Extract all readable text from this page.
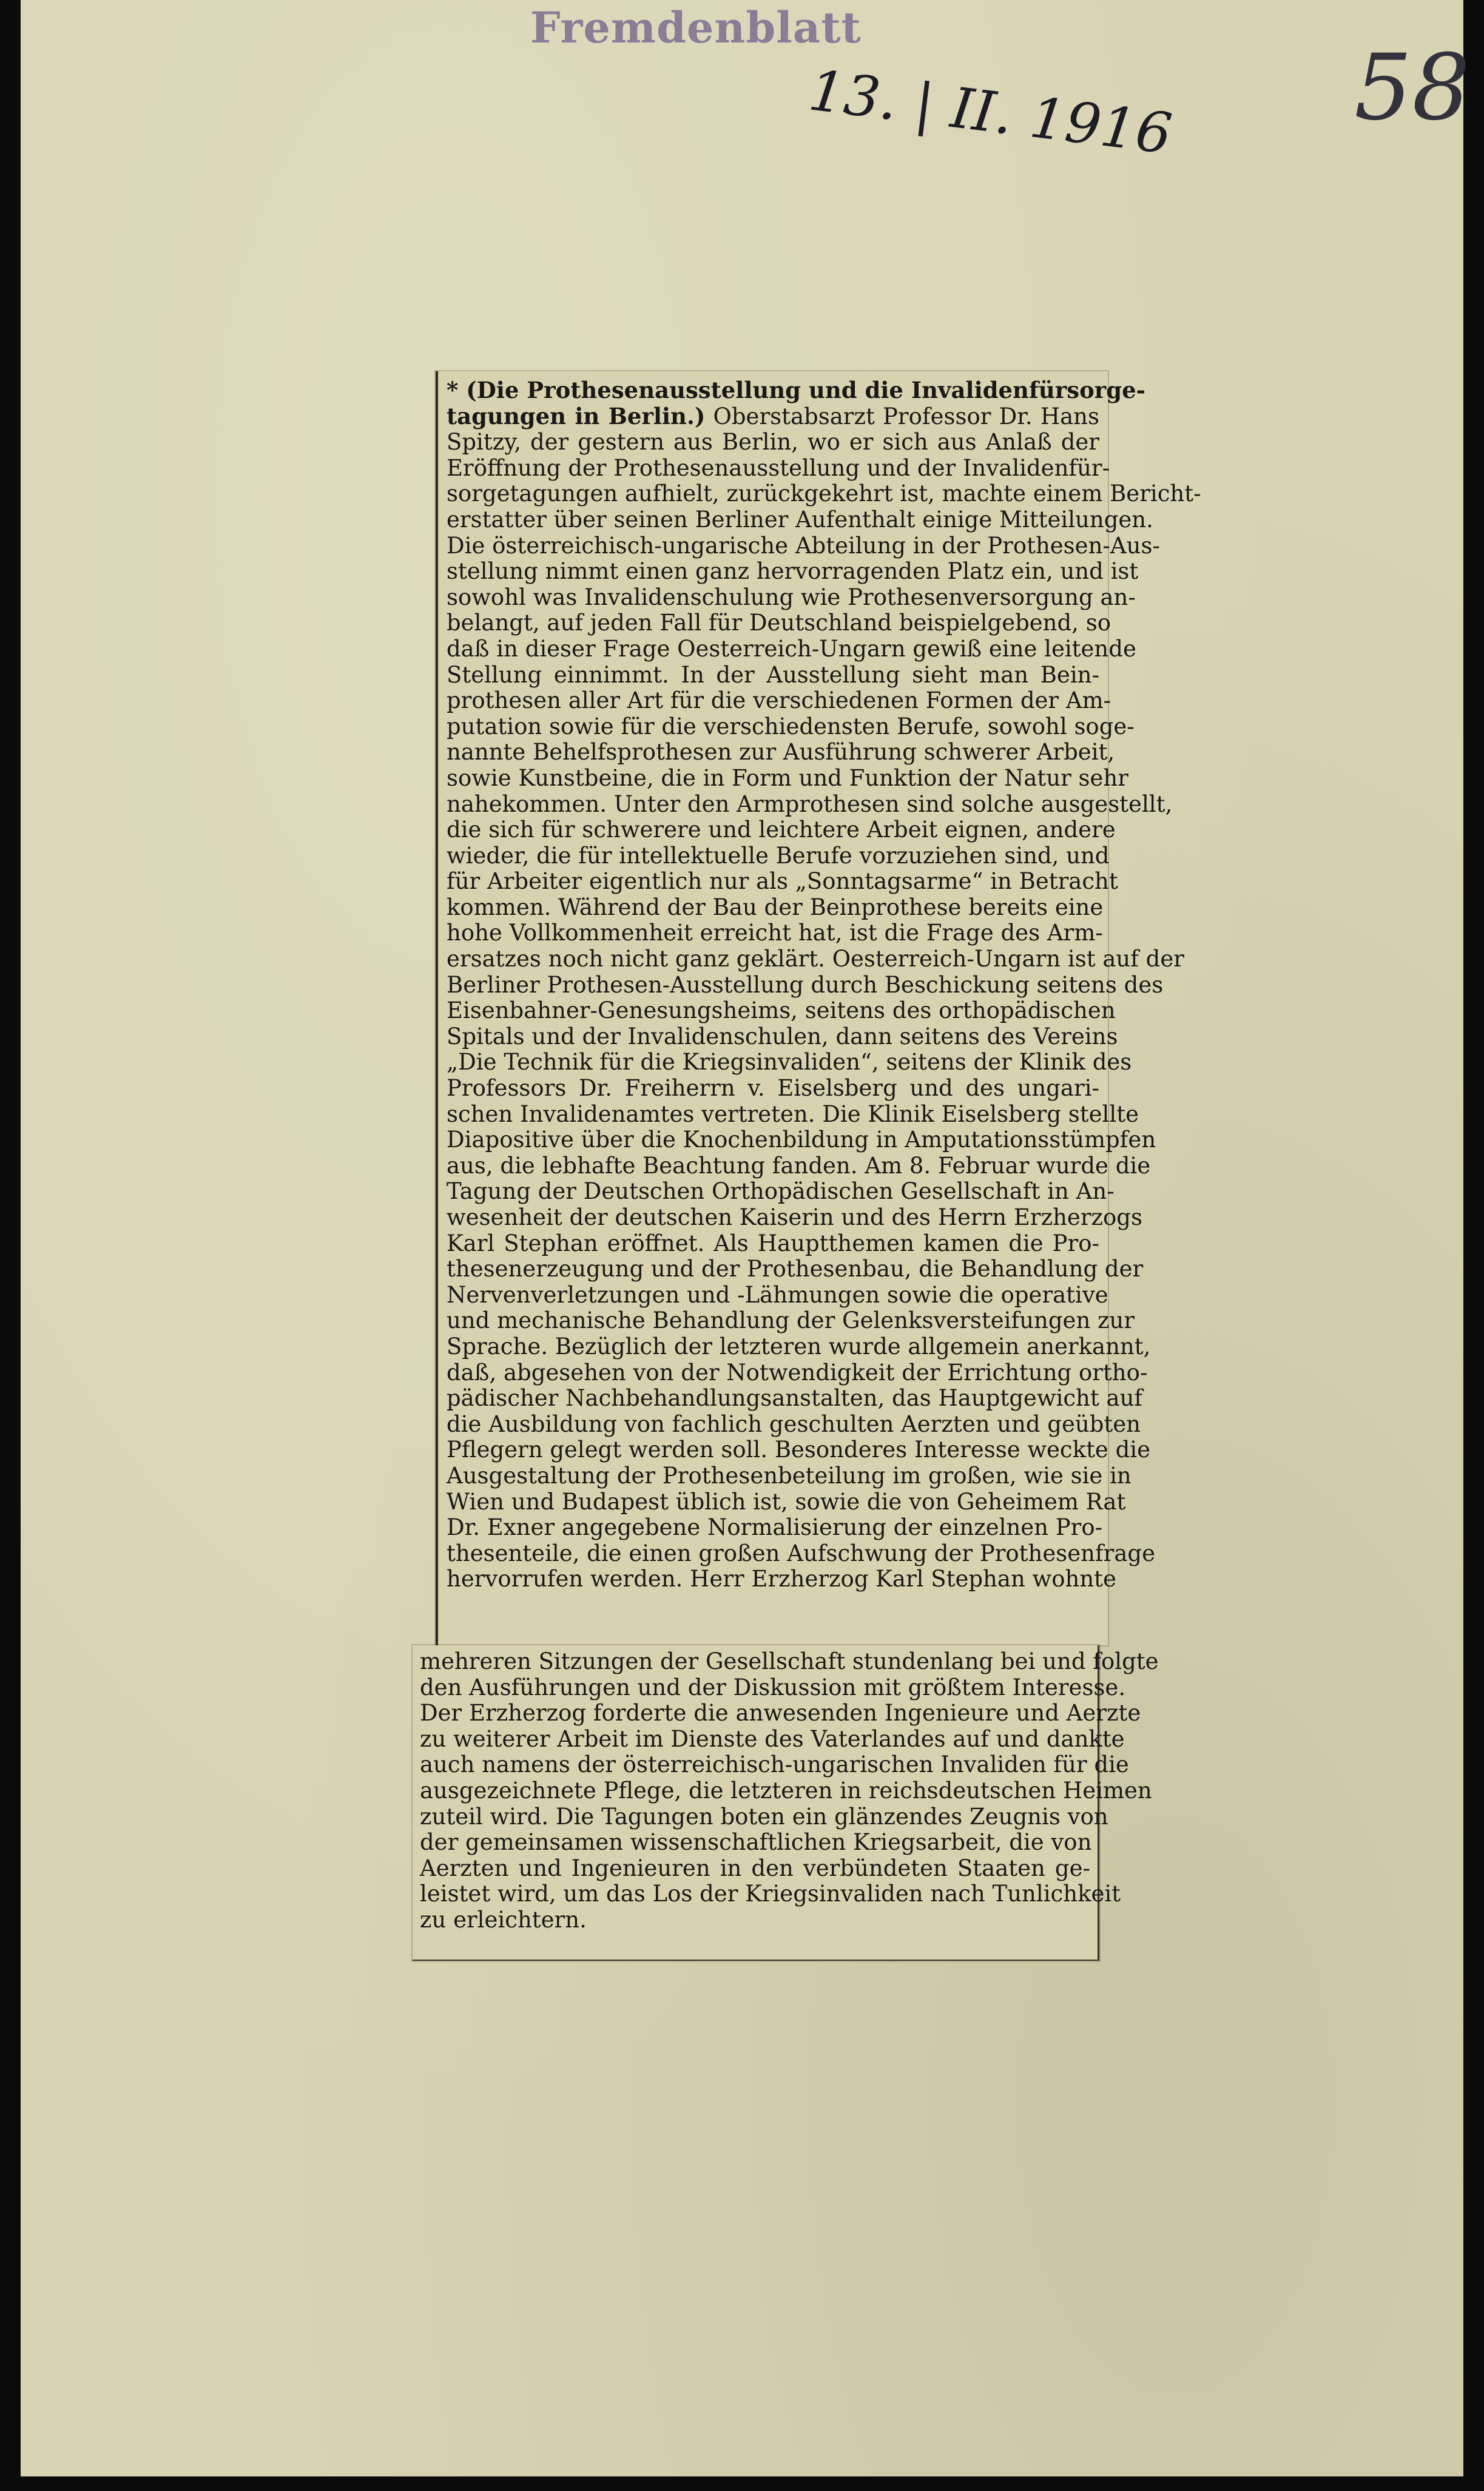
Fremdenblatt
13. | II. 1916 58
* (Die Prothesenausstellung und die Invalidenfürsorge-
tagungen in Berlin.) Oberstabsarzt Professor Dr. Hans
Spitzy, der gestern aus Berlin, wo er sich aus Anlaß der
Eröffnung der Prothesenausstellung und der Invalidenfür-
sorgetagungen aufhielt, zurückgekehrt ist, machte einem Bericht-
erstatter über seinen Berliner Aufenthalt einige Mitteilungen.
Die österreichisch-ungarische Abteilung in der Prothesen-Aus-
stellung nimmt einen ganz hervorragenden Platz ein, und ist
sowohl was Invalidenschulung wie Prothesenversorgung an-
belangt, auf jeden Fall für Deutschland beispielgebend, so
daß in dieser Frage Oesterreich-Ungarn gewiß eine leitende
Stellung einnimmt. In der Ausstellung sieht man Bein-
prothesen aller Art für die verschiedenen Formen der Am-
putation sowie für die verschiedensten Berufe, sowohl soge-
nannte Behelfsprothesen zur Ausführung schwerer Arbeit,
sowie Kunstbeine, die in Form und Funktion der Natur sehr
nahekommen. Unter den Armprothesen sind solche ausgestellt,
die sich für schwerere und leichtere Arbeit eignen, andere
wieder, die für intellektuelle Berufe vorzuziehen sind, und
für Arbeiter eigentlich nur als „Sonntagsarme“ in Betracht
kommen. Während der Bau der Beinprothese bereits eine
hohe Vollkommenheit erreicht hat, ist die Frage des Arm-
ersatzes noch nicht ganz geklärt. Oesterreich-Ungarn ist auf der
Berliner Prothesen-Ausstellung durch Beschickung seitens des
Eisenbahner-Genesungsheims, seitens des orthopädischen
Spitals und der Invalidenschulen, dann seitens des Vereins
„Die Technik für die Kriegsinvaliden“, seitens der Klinik des
Professors Dr. Freiherrn v. Eiselsberg und des ungari-
schen Invalidenamtes vertreten. Die Klinik Eiselsberg stellte
Diapositive über die Knochenbildung in Amputationsstümpfen
aus, die lebhafte Beachtung fanden. Am 8. Februar wurde die
Tagung der Deutschen Orthopädischen Gesellschaft in An-
wesenheit der deutschen Kaiserin und des Herrn Erzherzogs
Karl Stephan eröffnet. Als Hauptthemen kamen die Pro-
thesenerzeugung und der Prothesenbau, die Behandlung der
Nervenverletzungen und -Lähmungen sowie die operative
und mechanische Behandlung der Gelenksversteifungen zur
Sprache. Bezüglich der letzteren wurde allgemein anerkannt,
daß, abgesehen von der Notwendigkeit der Errichtung ortho-
pädischer Nachbehandlungsanstalten, das Hauptgewicht auf
die Ausbildung von fachlich geschulten Aerzten und geübten
Pflegern gelegt werden soll. Besonderes Interesse weckte die
Ausgestaltung der Prothesenbeteilung im großen, wie sie in
Wien und Budapest üblich ist, sowie die von Geheimem Rat
Dr. Exner angegebene Normalisierung der einzelnen Pro-
thesenteile, die einen großen Aufschwung der Prothesenfrage
hervorrufen werden. Herr Erzherzog Karl Stephan wohnte
mehreren Sitzungen der Gesellschaft stundenlang bei und folgte
den Ausführungen und der Diskussion mit größtem Interesse.
Der Erzherzog forderte die anwesenden Ingenieure und Aerzte
zu weiterer Arbeit im Dienste des Vaterlandes auf und dankte
auch namens der österreichisch-ungarischen Invaliden für die
ausgezeichnete Pflege, die letzteren in reichsdeutschen Heimen
zuteil wird. Die Tagungen boten ein glänzendes Zeugnis von
der gemeinsamen wissenschaftlichen Kriegsarbeit, die von
Aerzten und Ingenieuren in den verbündeten Staaten ge-
leistet wird, um das Los der Kriegsinvaliden nach Tunlichkeit
zu erleichtern.
